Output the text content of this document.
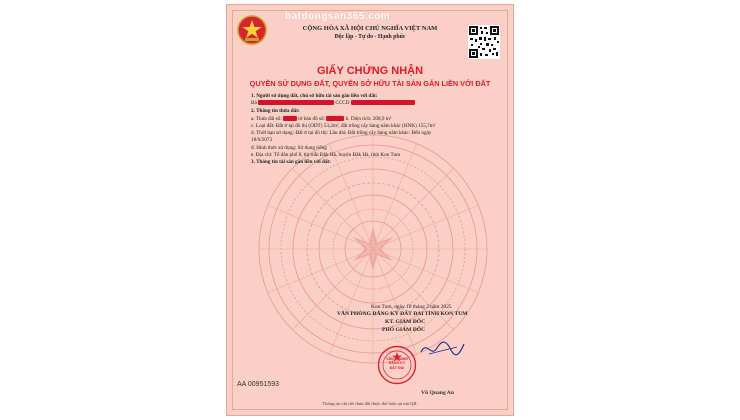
batdongsan365.com
CỘNG HÒA XÃ HỘI CHỦ NGHĨA VIỆT NAM
Độc lập - Tự do - Hạnh phúc
GIẤY CHỨNG NHẬN
QUYỀN SỬ DỤNG ĐẤT, QUYỀN SỞ HỮU TÀI SẢN GẮN LIỀN VỚI ĐẤT
1. Người sử dụng đất, chủ sở hữu tài sản gắn liền với đất:
Bà	CCCD
2. Thông tin thửa đất:
a. Thửa đất số:	tờ bản đồ số:	b. Diện tích: 208,9 m²
c. Loại đất: Đất ở tại đô thị (ODT) 53,2m², đất trồng cây hàng năm khác (HNK) 155,7m²
d. Thời hạn sử dụng: Đất ở tại đô thị: Lâu dài; Đất trồng cây hàng năm khác: Đến ngày
18/6/2073
đ. Hình thức sử dụng: Sử dụng riêng
e. Địa chỉ: Tổ dân phố 8, thị trấn Đăk Hà, huyện Đăk Hà, tỉnh Kon Tum
3. Thông tin tài sản gắn liền với đất:
Kon Tum, ngày 18 tháng 3 năm 2025
VĂN PHÒNG ĐĂNG KÝ ĐẤT ĐAI TỈNH KON TUM
KT. GIÁM ĐỐC
PHÓ GIÁM ĐỐC
VĂN PHÒNG
ĐĂNG KÝ
ĐẤT ĐAI
Vũ Quang An
AA 00951593
Thông tin chi tiết thửa đất được thể hiện tại mã QR.
